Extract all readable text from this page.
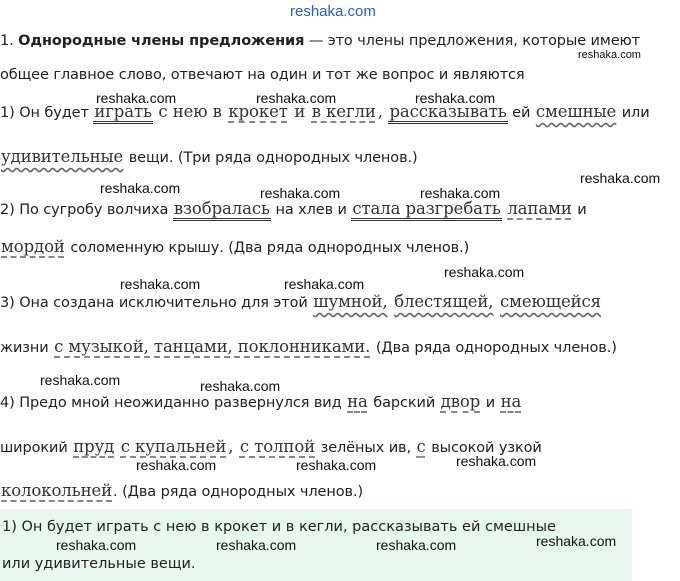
reshaka.com
1. Однородные члены предложения — это члены предложения, которые имеют
reshaka.com
общее главное слово, отвечают на один и тот же вопрос и являются
reshaka.com	reshaka.com	reshaka.com
1) Он будет играть с нею в крокет и в кегли , рассказывать ей смешные или
удивительные вещи. (Три ряда однородных членов.)
reshaka.com	reshaka.com	reshaka.com
reshaka.com
2) По сугробу волчиха взобралась на хлев и стала разгребать лапами и
мордой соломенную крышу. (Два ряда однородных членов.)
reshaka.com
reshaka.com
reshaka.com
3) Она создана исключительно для этой шумной, блестящей, смеющейся
жизни с музыкой, танцами, поклонниками. (Два ряда однородных членов.)
reshaka.com	reshaka.com
4) Предо мной неожиданно развернулся вид на барский двор и на
широкий пруд с купальней , с толпой зелёных ив, с высокой узкой
reshaka.com	reshaka.com	reshaka.com
колокольней. (Два ряда однородных членов.)
1) Он будет играть с нею в крокет и в кегли, рассказывать ей смешные
reshaka.com	reshaka.com	reshaka.com	reshaka.com
или удивительные вещи.
